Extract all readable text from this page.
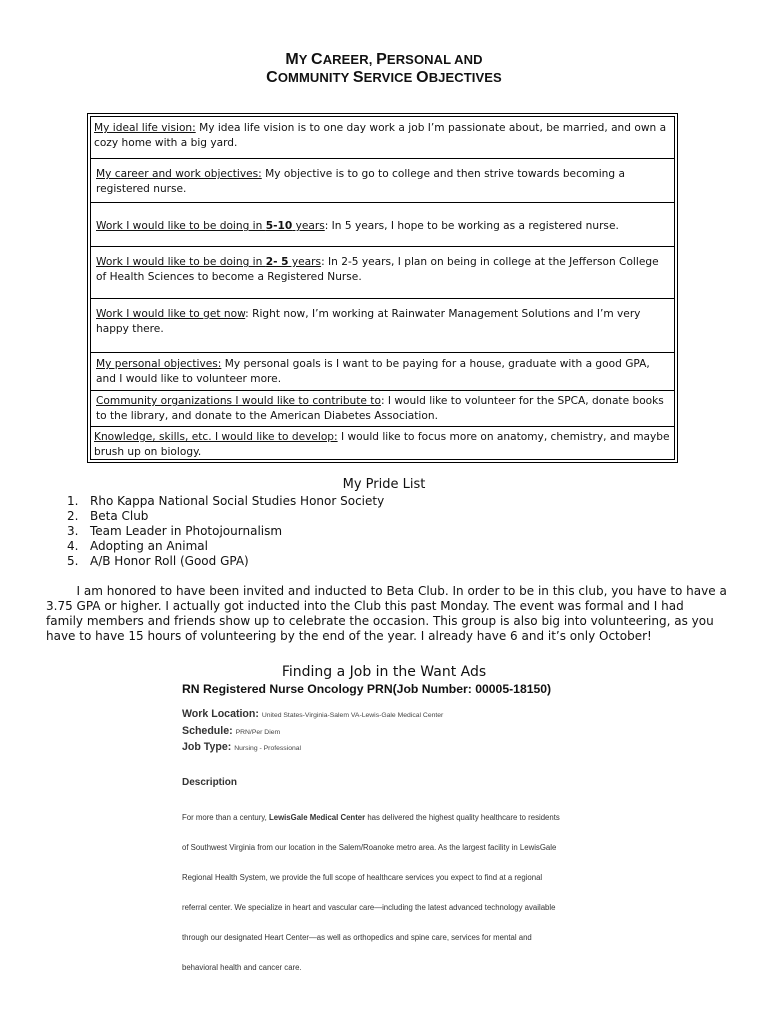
MY CAREER, PERSONAL AND
COMMUNITY SERVICE OBJECTIVES
My ideal life vision: My idea life vision is to one day work a job I’m passionate about, be married, and own a cozy home with a big yard.
My career and work objectives: My objective is to go to college and then strive towards becoming a registered nurse.
Work I would like to be doing in 5-10 years: In 5 years, I hope to be working as a registered nurse.
Work I would like to be doing in 2- 5 years: In 2-5 years, I plan on being in college at the Jefferson College of Health Sciences to become a Registered Nurse.
Work I would like to get now: Right now, I’m working at Rainwater Management Solutions and I’m very happy there.
My personal objectives: My personal goals is I want to be paying for a house, graduate with a good GPA, and I would like to volunteer more.
Community organizations I would like to contribute to: I would like to volunteer for the SPCA, donate books to the library, and donate to the American Diabetes Association.
Knowledge, skills, etc. I would like to develop: I would like to focus more on anatomy, chemistry, and maybe brush up on biology.
My Pride List
1. Rho Kappa National Social Studies Honor Society
2. Beta Club
3. Team Leader in Photojournalism
4. Adopting an Animal
5. A/B Honor Roll (Good GPA)
I am honored to have been invited and inducted to Beta Club. In order to be in this club, you have to have a
3.75 GPA or higher. I actually got inducted into the Club this past Monday. The event was formal and I had
family members and friends show up to celebrate the occasion. This group is also big into volunteering, as you
have to have 15 hours of volunteering by the end of the year. I already have 6 and it’s only October!
Finding a Job in the Want Ads
RN Registered Nurse Oncology PRN(Job Number: 00005-18150)
Work Location: United States-Virginia-Salem VA-Lewis-Gale Medical Center
Schedule: PRN/Per Diem
Job Type: Nursing - Professional
Description
For more than a century, LewisGale Medical Center has delivered the highest quality healthcare to residents
of Southwest Virginia from our location in the Salem/Roanoke metro area. As the largest facility in LewisGale
Regional Health System, we provide the full scope of healthcare services you expect to find at a regional
referral center. We specialize in heart and vascular care—including the latest advanced technology available
through our designated Heart Center—as well as orthopedics and spine care, services for mental and
behavioral health and cancer care.
